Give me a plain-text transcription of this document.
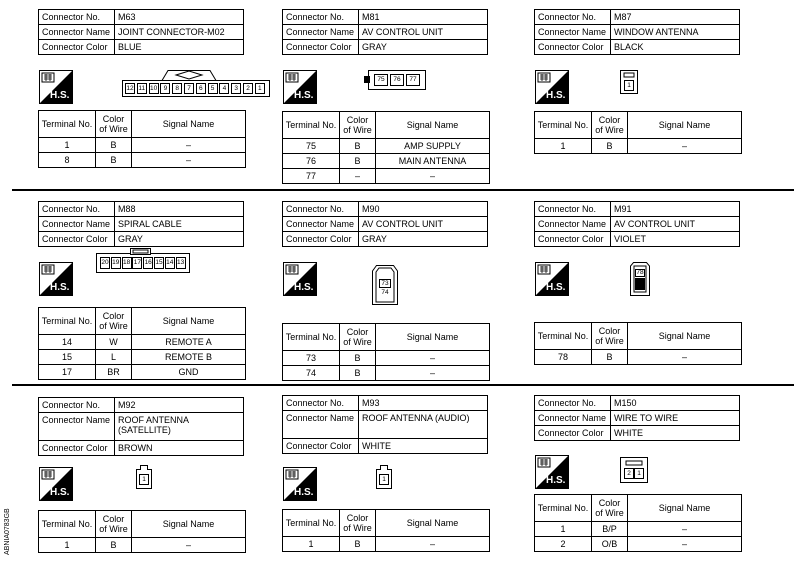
ABNIA0783GB
Connector No.	M63
Connector Name	JOINT CONNECTOR-M02
Connector Color	BLUE
H.S.
12 11 10 9	8	7	6	5	4	3	2	1
Terminal No.	Color of Wire	Signal Name
1	B	–
8	B	–
Connector No.	M81
Connector Name	AV CONTROL UNIT
Connector Color	GRAY
H.S.
75	76	77
Terminal No.	Color of Wire	Signal Name
75	B	AMP SUPPLY
76	B	MAIN ANTENNA
77	–	–
Connector No.	M87
Connector Name	WINDOW ANTENNA
Connector Color	BLACK
H.S.
1
Terminal No.	Color of Wire	Signal Name
1	B	–
Connector No.	M88
Connector Name	SPIRAL CABLE
Connector Color	GRAY
H.S.
20 19 18 17 16 15 14 13
Terminal No.	Color of Wire	Signal Name
14	W	REMOTE A
15	L	REMOTE B
17	BR	GND
Connector No.	M90
Connector Name	AV CONTROL UNIT
Connector Color	GRAY
H.S.	73
74
Terminal No.	Color of Wire	Signal Name
73	B	–
74	B	–
Connector No.	M91
Connector Name	AV CONTROL UNIT
Connector Color	VIOLET
H.S.
78
Terminal No.	Color of Wire	Signal Name
78	B	–
Connector No.	M92
Connector Name	ROOF ANTENNA (SATELLITE)
Connector Color	BROWN
H.S.
1
Terminal No.	Color of Wire	Signal Name
1	B	–
Connector No.	M93
Connector Name	ROOF ANTENNA (AUDIO)
Connector Color	WHITE
H.S.
1
Terminal No.	Color of Wire	Signal Name
1	B	–
Connector No.	M150
Connector Name	WIRE TO WIRE
Connector Color	WHITE
H.S.
2 1
Terminal No.	Color of Wire	Signal Name
1	B/P	–
2	O/B	–
